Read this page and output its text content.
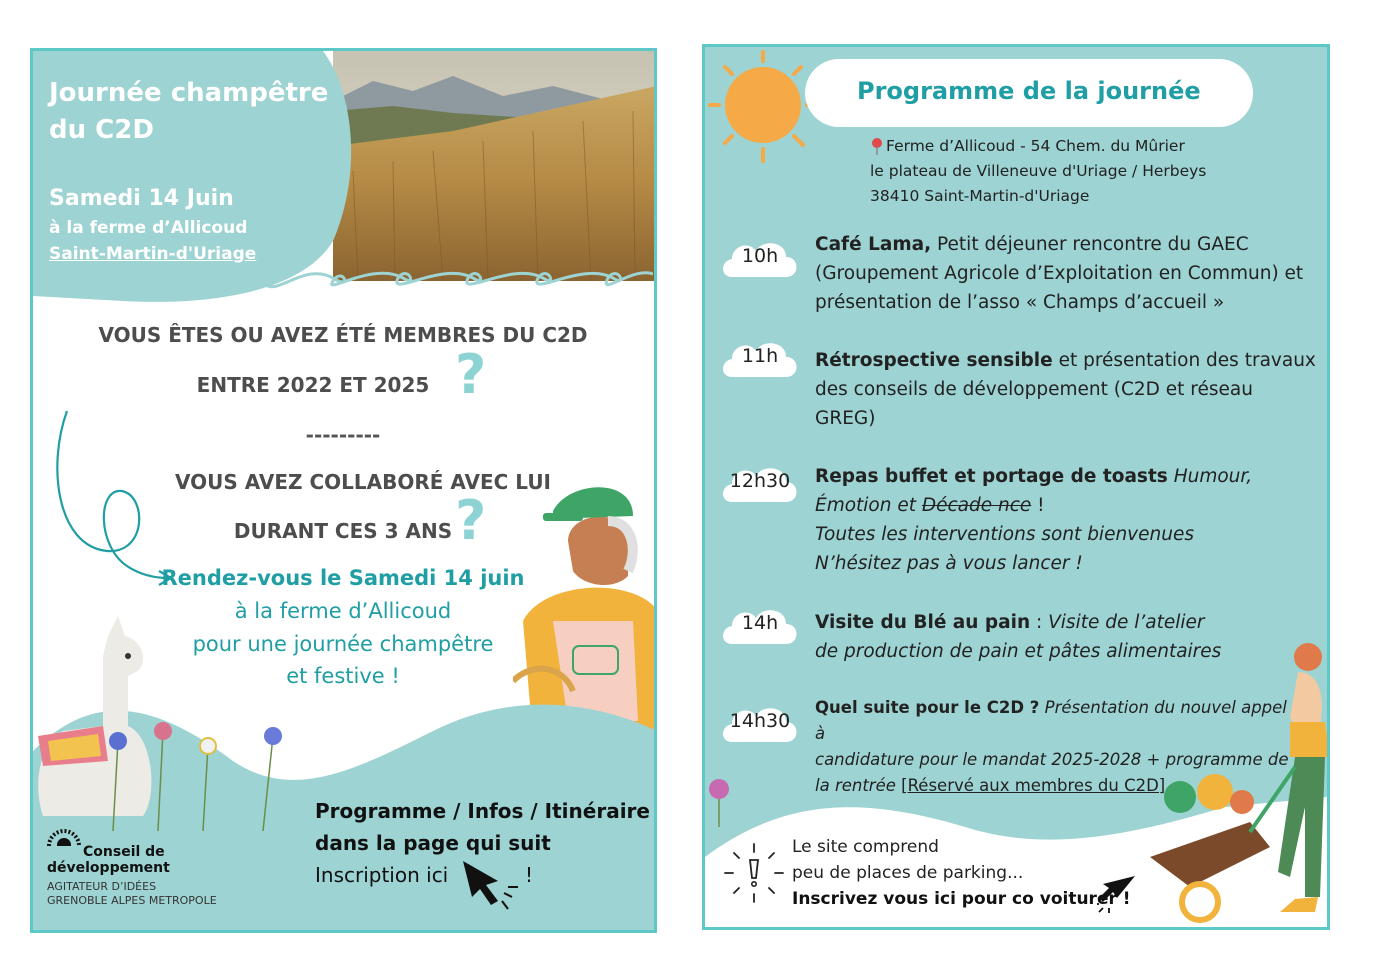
Journée champêtre
du C2D
Samedi 14 Juin
à la ferme d’Allicoud
Saint-Martin-d'Uriage
VOUS ÊTES OU AVEZ ÉTÉ MEMBRES DU C2D
ENTRE 2022 ET 2025 ?
---------
VOUS AVEZ COLLABORÉ AVEC LUI
DURANT CES 3 ANS ?
Rendez-vous le Samedi 14 juin
à la ferme d’Allicoud
pour une journée champêtre
et festive !
Conseil de
développement
AGITATEUR D’IDÉES
GRENOBLE ALPES METROPOLE
Programme / Infos / Itinéraire
dans la page qui suit
Inscription ici	!
Programme de la journée
Ferme d’Allicoud - 54 Chem. du Mûrier
le plateau de Villeneuve d'Uriage / Herbeys
38410 Saint-Martin-d'Uriage
10h
Café Lama, Petit déjeuner rencontre du GAEC
(Groupement Agricole d’Exploitation en Commun) et
présentation de l’asso « Champs d’accueil »
11h	Rétrospective sensible et présentation des travaux
des conseils de développement (C2D et réseau
GREG)
12h30	Repas buffet et portage de toasts Humour,
Émotion et Décade nce !
Toutes les interventions sont bienvenues
N’hésitez pas à vous lancer !
14h	Visite du Blé au pain : Visite de l’atelier
de production de pain et pâtes alimentaires
14h30
Quel suite pour le C2D ? Présentation du nouvel appel à
candidature pour le mandat 2025-2028 + programme de
la rentrée [Réservé aux membres du C2D]
Le site comprend
peu de places de parking...
Inscrivez vous ici pour co voiturer !
